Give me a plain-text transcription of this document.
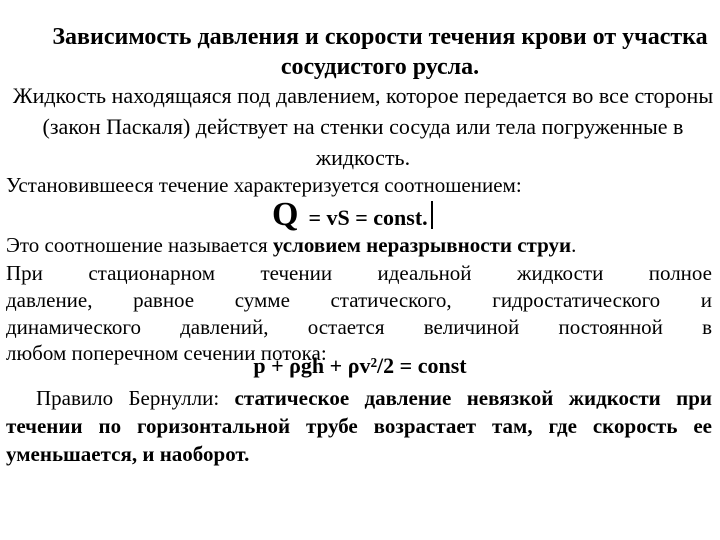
Зависимость давления и скорости течения крови от участка сосудистого русла.
Жидкость находящаяся под давлением, которое передается во все стороны (закон Паскаля) действует на стенки сосуда или тела погруженные в жидкость.
Установившееся течение характеризуется соотношением:
Q = vS = const.
Это соотношение называется условием неразрывности струи.
При стационарном течении идеальной жидкости полное
давление, равное сумме статического, гидростатического и
динамического давлений, остается величиной постоянной в
любом поперечном сечении потока:
p + ρgh + ρv²/2 = const
Правило Бернулли: статическое давление невязкой жидкости при течении по горизонтальной трубе возрастает там, где скорость ее уменьшается, и наоборот.
